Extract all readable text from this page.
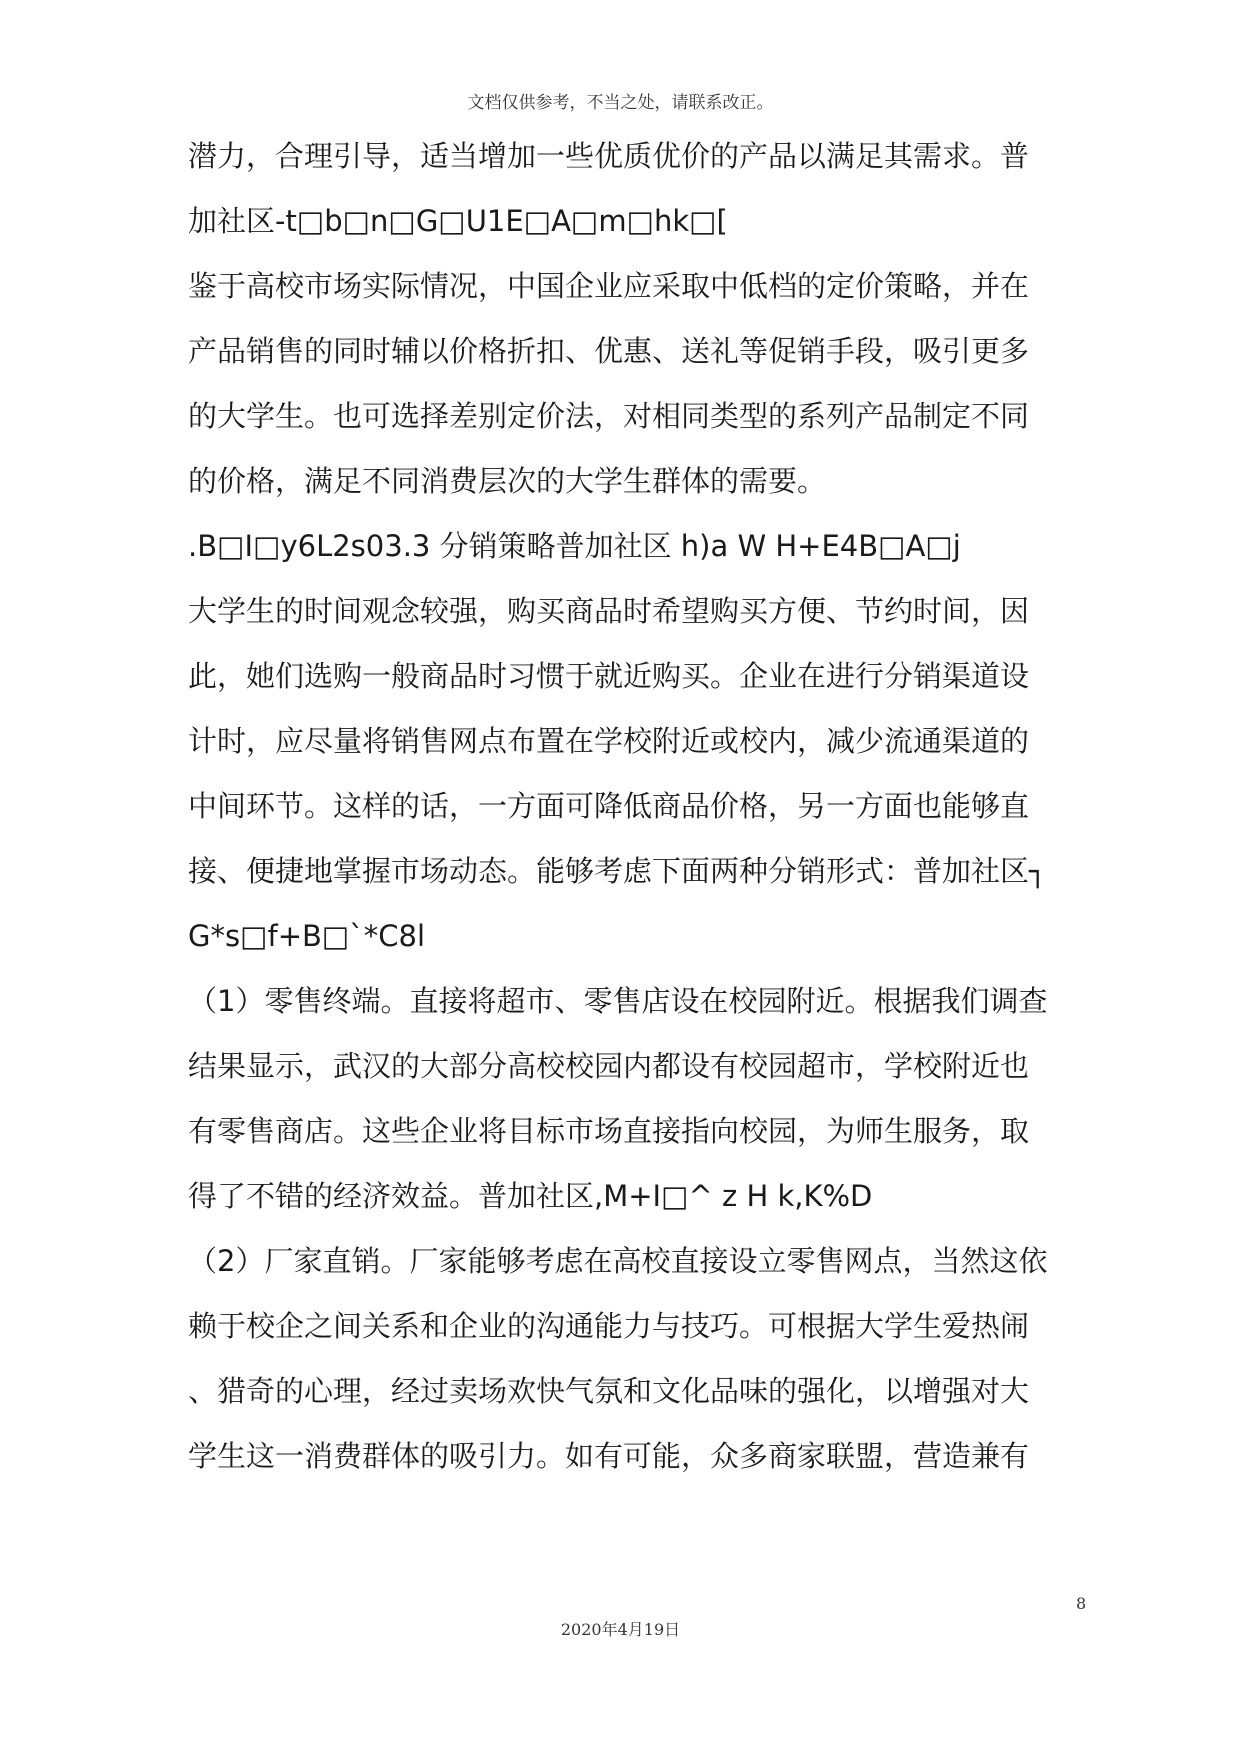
文档仅供参考，不当之处，请联系改正。
潜力，合理引导，适当增加一些优质优价的产品以满足其需求。普
加社区-t□b□n□G□U1E□A□m□hk□[
鉴于高校市场实际情况，中国企业应采取中低档的定价策略，并在
产品销售的同时辅以价格折扣、优惠、送礼等促销手段，吸引更多
的大学生。也可选择差别定价法，对相同类型的系列产品制定不同
的价格，满足不同消费层次的大学生群体的需要。
.B□I□y6L2s03.3 分销策略普加社区 h)a W H+E4B□A□j
大学生的时间观念较强，购买商品时希望购买方便、节约时间，因
此，她们选购一般商品时习惯于就近购买。企业在进行分销渠道设
计时，应尽量将销售网点布置在学校附近或校内，减少流通渠道的
中间环节。这样的话，一方面可降低商品价格，另一方面也能够直
接、便捷地掌握市场动态。能够考虑下面两种分销形式：普加社区┐
G*s□f+B□`*C8l
（1）零售终端。直接将超市、零售店设在校园附近。根据我们调查
结果显示，武汉的大部分高校校园内都设有校园超市，学校附近也
有零售商店。这些企业将目标市场直接指向校园，为师生服务，取
得了不错的经济效益。普加社区,M+I□^ z H k,K%D
（2）厂家直销。厂家能够考虑在高校直接设立零售网点，当然这依
赖于校企之间关系和企业的沟通能力与技巧。可根据大学生爱热闹
、猎奇的心理，经过卖场欢快气氛和文化品味的强化，以增强对大
学生这一消费群体的吸引力。如有可能，众多商家联盟，营造兼有
8
2020年4月19日
